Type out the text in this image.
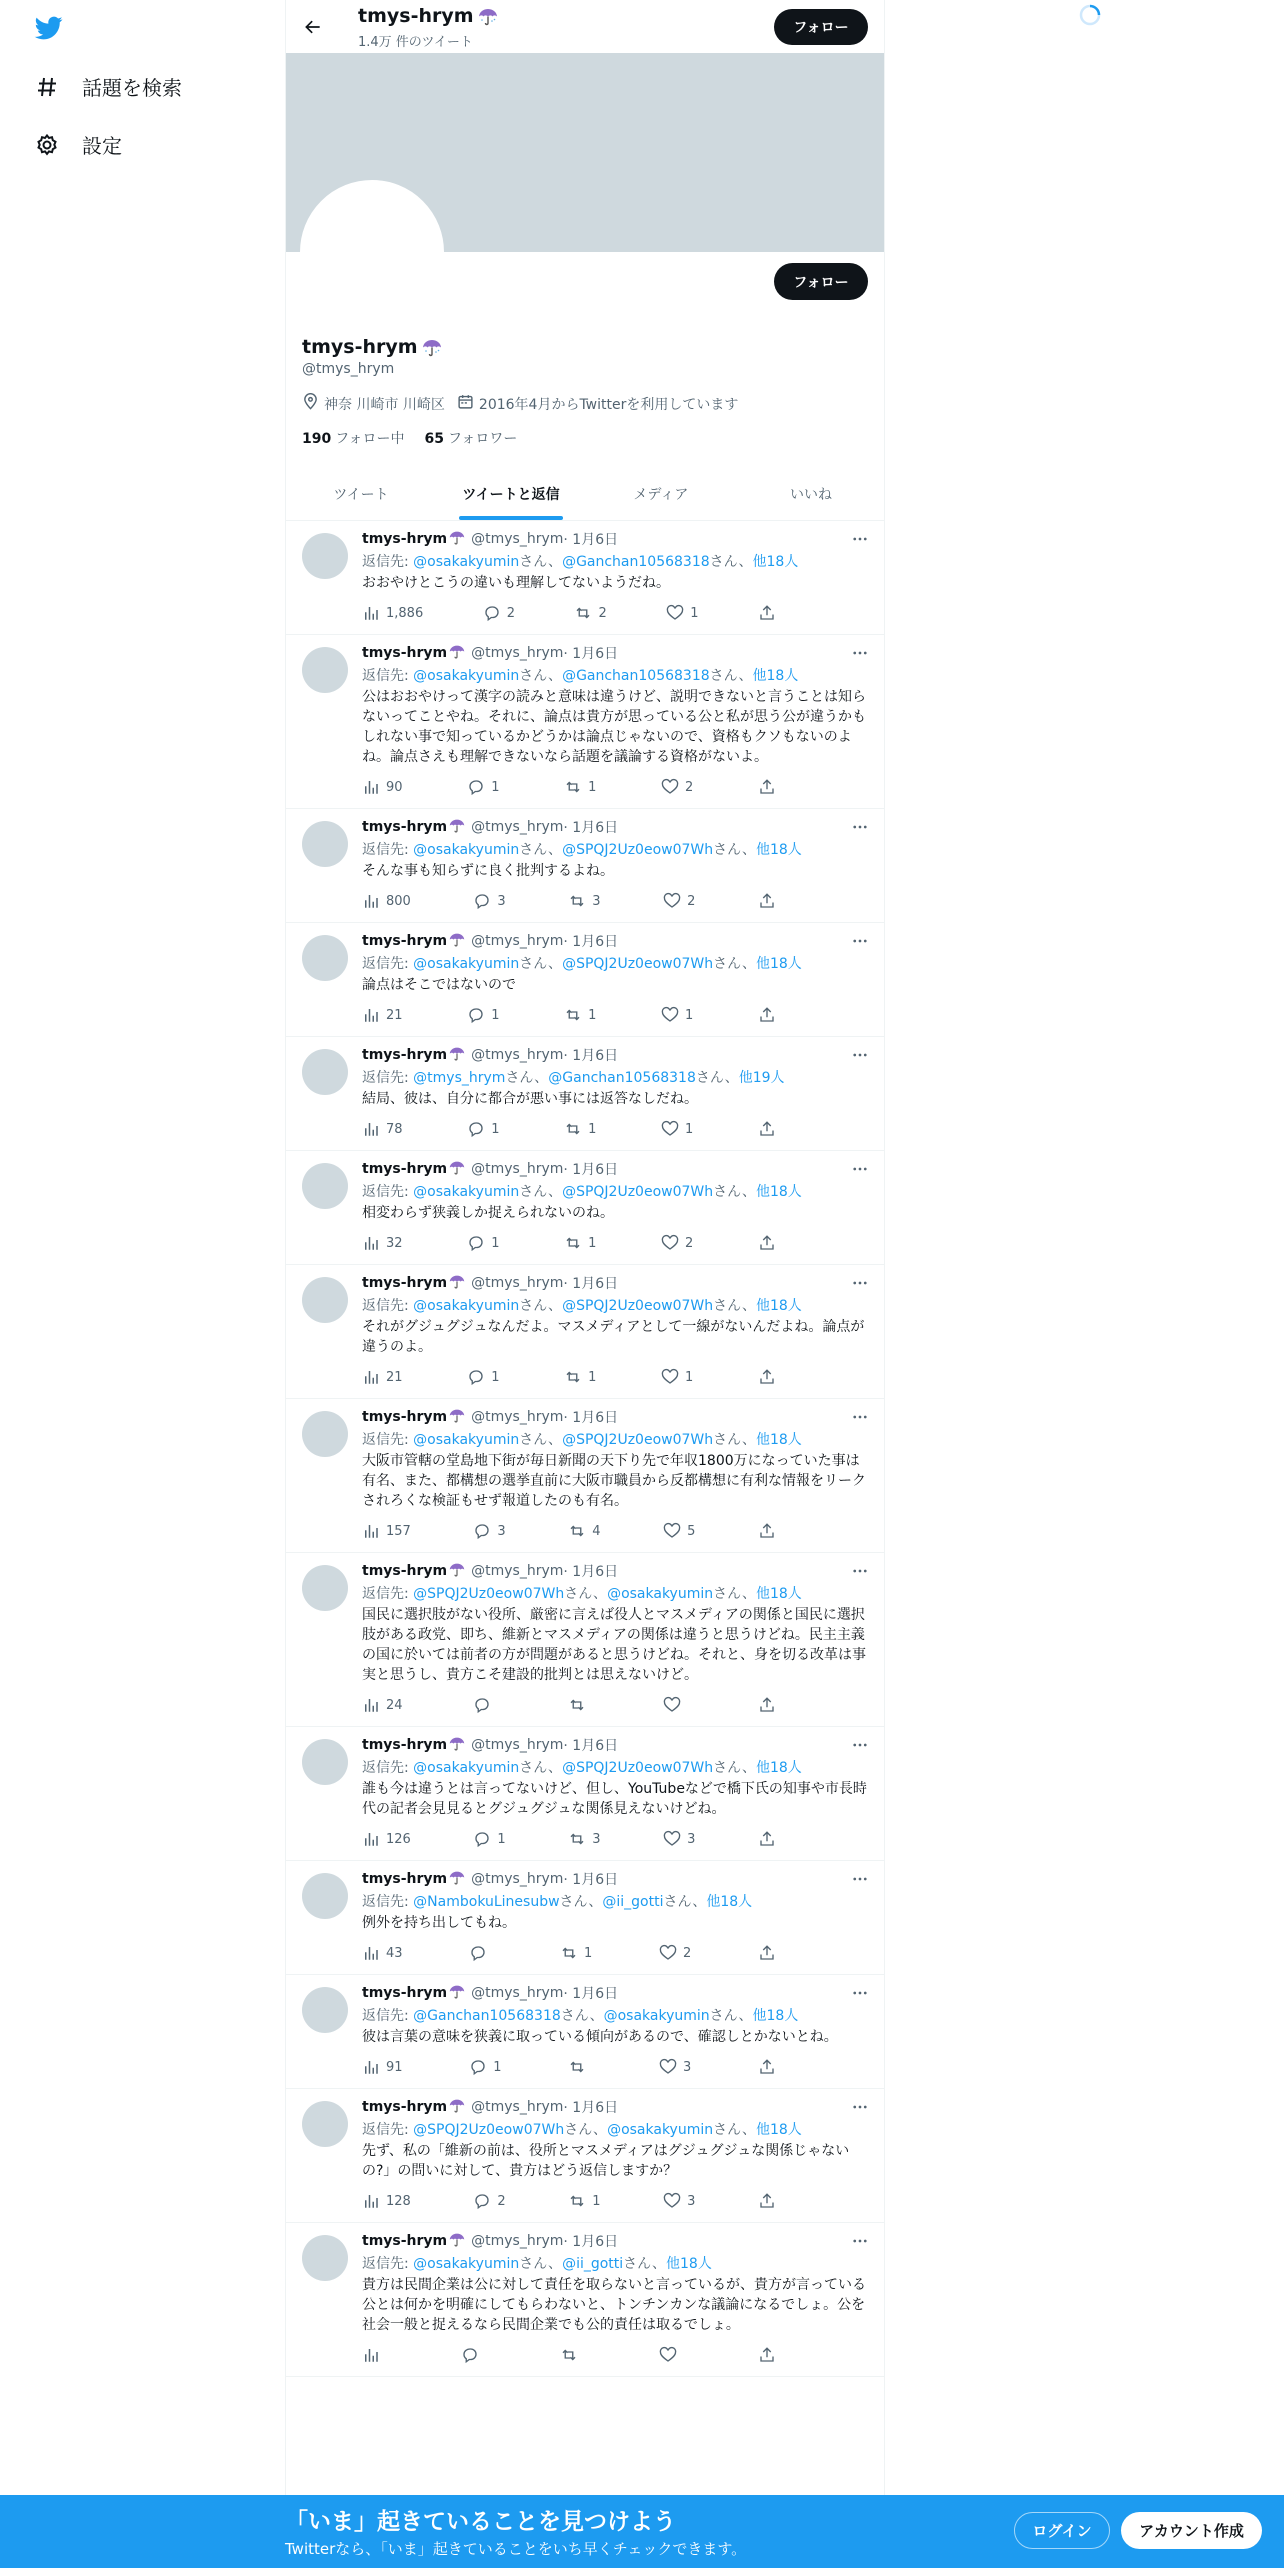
話題を検索
設定
tmys-hrym
1.4万 件のツイート
フォロー
フォロー
tmys-hrym
@tmys_hrym
神奈 川崎市 川崎区 2016年4月からTwitterを利用しています
190 フォロー中 65 フォロワー
ツイート	ツイートと返信	メディア	いいね
tmys-hrym @tmys_hrym · 1月6日
返信先: @osakakyuminさん、@Ganchan10568318さん、他18人
おおやけとこうの違いも理解してないようだね。
1,886	2	2	1
tmys-hrym @tmys_hrym · 1月6日
返信先: @osakakyuminさん、@Ganchan10568318さん、他18人
公はおおやけって漢字の読みと意味は違うけど、説明できないと言うことは知らないってことやね。それに、論点は貴方が思っている公と私が思う公が違うかもしれない事で知っているかどうかは論点じゃないので、資格もクソもないのよね。論点さえも理解できないなら話題を議論する資格がないよ。
90	1	1	2
tmys-hrym @tmys_hrym · 1月6日
返信先: @osakakyuminさん、@SPQJ2Uz0eow07Whさん、他18人
そんな事も知らずに良く批判するよね。
800	3	3	2
tmys-hrym @tmys_hrym · 1月6日
返信先: @osakakyuminさん、@SPQJ2Uz0eow07Whさん、他18人
論点はそこではないので
21	1	1	1
tmys-hrym @tmys_hrym · 1月6日
返信先: @tmys_hrymさん、@Ganchan10568318さん、他19人
結局、彼は、自分に都合が悪い事には返答なしだね。
78	1	1	1
tmys-hrym @tmys_hrym · 1月6日
返信先: @osakakyuminさん、@SPQJ2Uz0eow07Whさん、他18人
相変わらず狭義しか捉えられないのね。
32	1	1	2
tmys-hrym @tmys_hrym · 1月6日
返信先: @osakakyuminさん、@SPQJ2Uz0eow07Whさん、他18人
それがグジュグジュなんだよ。マスメディアとして一線がないんだよね。論点が違うのよ。
21	1	1	1
tmys-hrym @tmys_hrym · 1月6日
返信先: @osakakyuminさん、@SPQJ2Uz0eow07Whさん、他18人
大阪市管轄の堂島地下街が毎日新聞の天下り先で年収1800万になっていた事は有名、また、都構想の選挙直前に大阪市職員から反都構想に有利な情報をリークされろくな検証もせず報道したのも有名。
157	3	4	5
tmys-hrym @tmys_hrym · 1月6日
返信先: @SPQJ2Uz0eow07Whさん、@osakakyuminさん、他18人
国民に選択肢がない役所、厳密に言えば役人とマスメディアの関係と国民に選択肢がある政党、即ち、維新とマスメディアの関係は違うと思うけどね。民主主義の国に於いては前者の方が問題があると思うけどね。それと、身を切る改革は事実と思うし、貴方こそ建設的批判とは思えないけど。
24
tmys-hrym @tmys_hrym · 1月6日
返信先: @osakakyuminさん、@SPQJ2Uz0eow07Whさん、他18人
誰も今は違うとは言ってないけど、但し、YouTubeなどで橋下氏の知事や市長時代の記者会見見るとグジュグジュな関係見えないけどね。
126	1	3	3
tmys-hrym @tmys_hrym · 1月6日
返信先: @NambokuLinesubwさん、@ii_gottiさん、他18人
例外を持ち出してもね。
43	1	2
tmys-hrym @tmys_hrym · 1月6日
返信先: @Ganchan10568318さん、@osakakyuminさん、他18人
彼は言葉の意味を狭義に取っている傾向があるので、確認しとかないとね。
91	1	3
tmys-hrym @tmys_hrym · 1月6日
返信先: @SPQJ2Uz0eow07Whさん、@osakakyuminさん、他18人
先ず、私の「維新の前は、役所とマスメディアはグジュグジュな関係じゃないの?」の問いに対して、貴方はどう返信しますか？
128	2	1	3
tmys-hrym @tmys_hrym · 1月6日
返信先: @osakakyuminさん、@ii_gottiさん、他18人
貴方は民間企業は公に対して責任を取らないと言っているが、貴方が言っている公とは何かを明確にしてもらわないと、トンチンカンな議論になるでしょ。公を社会一般と捉えるなら民間企業でも公的責任は取るでしょ。
「いま」起きていることを見つけよう
Twitterなら、「いま」起きていることをいち早くチェックできます。
ログイン	アカウント作成
